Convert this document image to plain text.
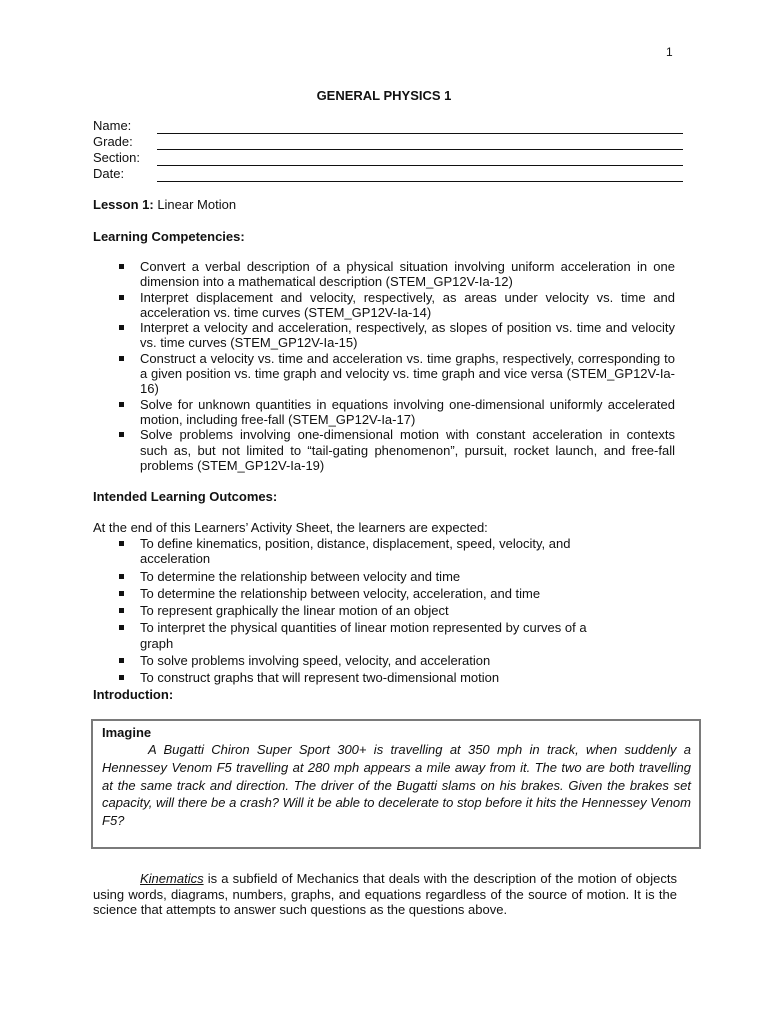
1
GENERAL PHYSICS 1
Name:
Grade:
Section:
Date:
Lesson 1: Linear Motion
Learning Competencies:
Convert a verbal description of a physical situation involving uniform acceleration in one dimension into a mathematical description (STEM_GP12V-Ia-12)
Interpret displacement and velocity, respectively, as areas under velocity vs. time and acceleration vs. time curves (STEM_GP12V-Ia-14)
Interpret a velocity and acceleration, respectively, as slopes of position vs. time and velocity vs. time curves (STEM_GP12V-Ia-15)
Construct a velocity vs. time and acceleration vs. time graphs, respectively, corresponding to a given position vs. time graph and velocity vs. time graph and vice versa (STEM_GP12V-Ia-16)
Solve for unknown quantities in equations involving one-dimensional uniformly accelerated motion, including free-fall (STEM_GP12V-Ia-17)
Solve problems involving one-dimensional motion with constant acceleration in contexts such as, but not limited to “tail-gating phenomenon”, pursuit, rocket launch, and free-fall problems (STEM_GP12V-Ia-19)
Intended Learning Outcomes:
At the end of this Learners’ Activity Sheet, the learners are expected:
To define kinematics, position, distance, displacement, speed, velocity, and acceleration
To determine the relationship between velocity and time
To determine the relationship between velocity, acceleration, and time
To represent graphically the linear motion of an object
To interpret the physical quantities of linear motion represented by curves of a graph
To solve problems involving speed, velocity, and acceleration
To construct graphs that will represent two-dimensional motion
Introduction:
Imagine
A Bugatti Chiron Super Sport 300+ is travelling at 350 mph in track, when suddenly a Hennessey Venom F5 travelling at 280 mph appears a mile away from it. The two are both travelling at the same track and direction. The driver of the Bugatti slams on his brakes. Given the brakes set capacity, will there be a crash? Will it be able to decelerate to stop before it hits the Hennessey Venom F5?
Kinematics is a subfield of Mechanics that deals with the description of the motion of objects using words, diagrams, numbers, graphs, and equations regardless of the source of motion. It is the science that attempts to answer such questions as the questions above.
